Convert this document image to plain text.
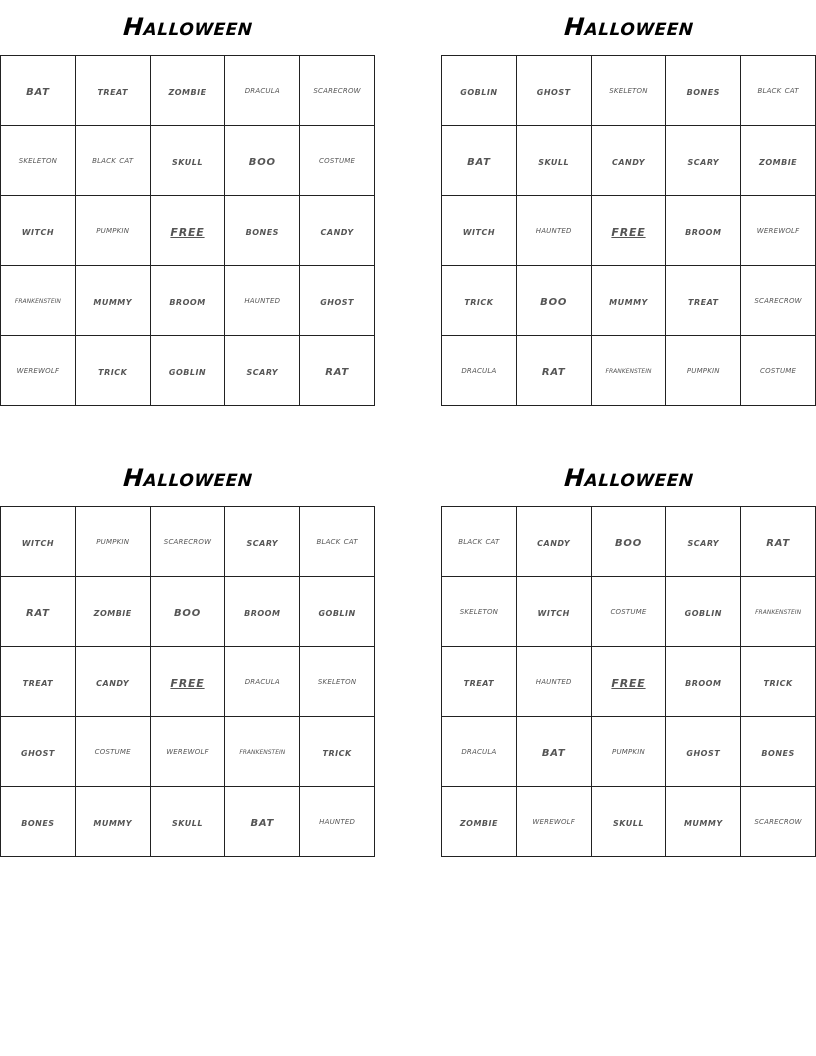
Halloween
bat	treat	zombie	dracula	scarecrow
skeleton	black cat	skull	boo	costume
witch	pumpkin	free	bones	candy
frankenstein	mummy	broom	haunted	ghost
werewolf	trick	goblin	scary	rat
Halloween
goblin	ghost	skeleton	bones	black cat
bat	skull	candy	scary	zombie
witch	haunted	free	broom	werewolf
trick	boo	mummy	treat	scarecrow
dracula	rat	frankenstein	pumpkin	costume
Halloween
witch	pumpkin	scarecrow	scary	black cat
rat	zombie	boo	broom	goblin
treat	candy	free	dracula	skeleton
ghost	costume	werewolf	frankenstein	trick
bones	mummy	skull	bat	haunted
Halloween
black cat	candy	boo	scary	rat
skeleton	witch	costume	goblin	frankenstein
treat	haunted	free	broom	trick
dracula	bat	pumpkin	ghost	bones
zombie	werewolf	skull	mummy	scarecrow
